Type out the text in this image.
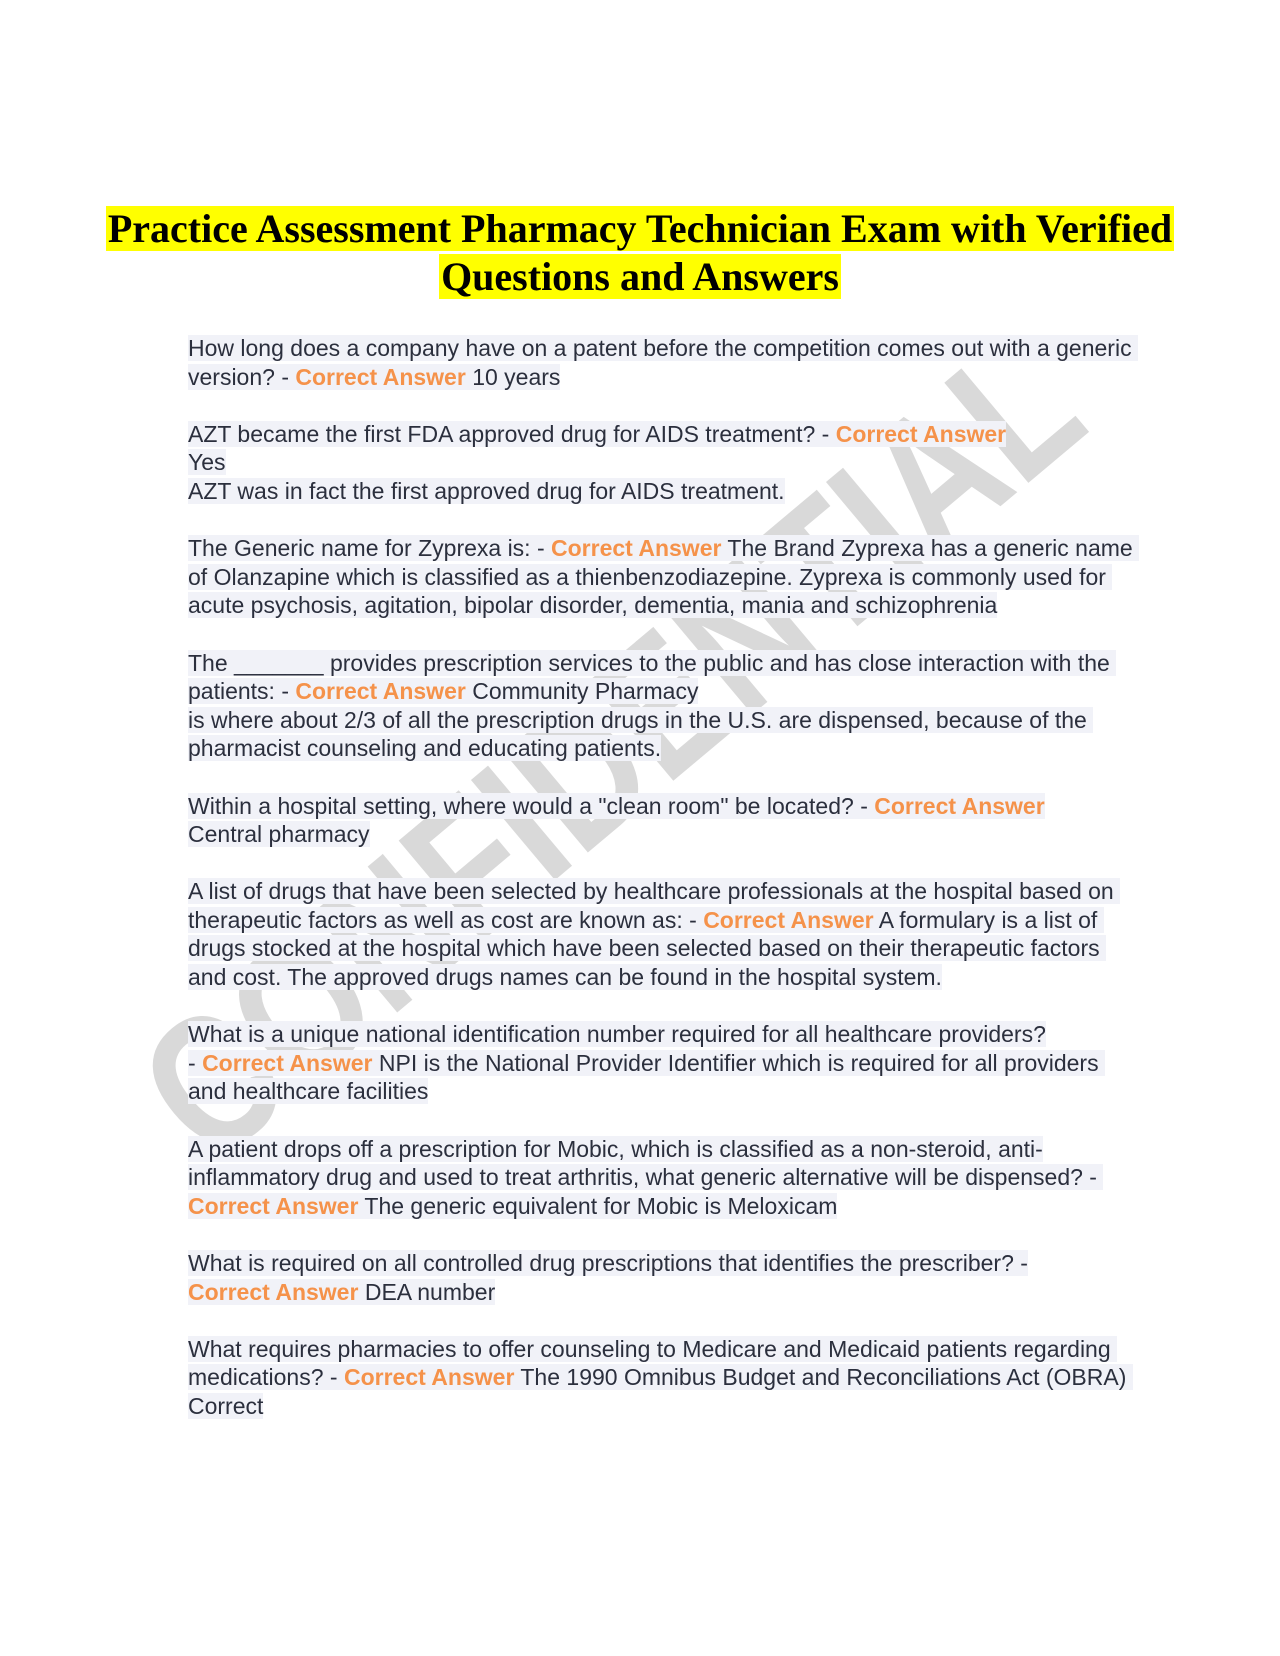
Practice Assessment Pharmacy Technician Exam with Verified Questions and Answers

How long does a company have on a patent before the competition comes out with a generic version? - Correct Answer 10 years

AZT became the first FDA approved drug for AIDS treatment? - Correct Answer
Yes
AZT was in fact the first approved drug for AIDS treatment.

The Generic name for Zyprexa is: - Correct Answer The Brand Zyprexa has a generic name of Olanzapine which is classified as a thienbenzodiazepine. Zyprexa is commonly used for acute psychosis, agitation, bipolar disorder, dementia, mania and schizophrenia

The _______ provides prescription services to the public and has close interaction with the patients: - Correct Answer Community Pharmacy
is where about 2/3 of all the prescription drugs in the U.S. are dispensed, because of the pharmacist counseling and educating patients.

Within a hospital setting, where would a "clean room" be located? - Correct Answer
Central pharmacy

A list of drugs that have been selected by healthcare professionals at the hospital based on therapeutic factors as well as cost are known as: - Correct Answer A formulary is a list of drugs stocked at the hospital which have been selected based on their therapeutic factors and cost. The approved drugs names can be found in the hospital system.

What is a unique national identification number required for all healthcare providers?
- Correct Answer NPI is the National Provider Identifier which is required for all providers and healthcare facilities

A patient drops off a prescription for Mobic, which is classified as a non-steroid, anti-inflammatory drug and used to treat arthritis, what generic alternative will be dispensed? - Correct Answer The generic equivalent for Mobic is Meloxicam

What is required on all controlled drug prescriptions that identifies the prescriber? -
Correct Answer DEA number

What requires pharmacies to offer counseling to Medicare and Medicaid patients regarding medications? - Correct Answer The 1990 Omnibus Budget and Reconciliations Act (OBRA) Correct
